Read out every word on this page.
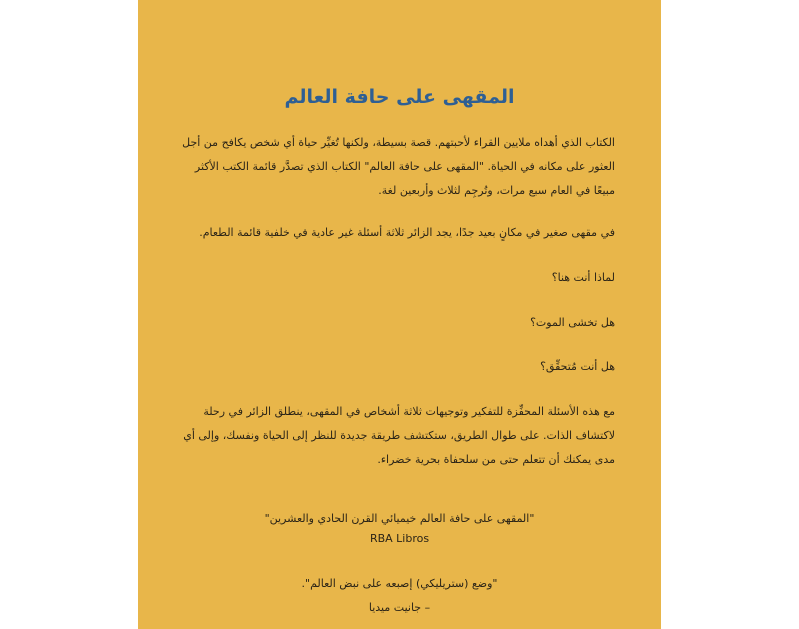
المقهى على حافة العالم

الكتاب الذي أهداه ملايين القراء لأحبتهم. قصة بسيطة، ولكنها تُغيِّر حياة أي شخص يكافح من أجل العثور على مكانه في الحياة. "المقهى على حافة العالم" الكتاب الذي تصدَّر قائمة الكتب الأكثر مبيعًا في العام سبع مرات، وتُرجِم لثلاث وأربعين لغة.

في مقهى صغير في مكانٍ بعيد جدًا، يجد الزائر ثلاثة أسئلة غير عادية في خلفية قائمة الطعام.

لماذا أنت هنا؟

هل تخشى الموت؟

هل أنت مُتحقِّق؟

مع هذه الأسئلة المحفِّزة للتفكير وتوجيهات ثلاثة أشخاص في المقهى، ينطلق الزائر في رحلة لاكتشاف الذات. على طوال الطريق، ستكتشف طريقة جديدة للنظر إلى الحياة ونفسك، وإلى أي مدى يمكنك أن تتعلم حتى من سلحفاة بحرية خضراء.

"المقهى على حافة العالم خيميائي القرن الحادي والعشرين"

RBA Libros

"وضع (ستريليكي) إصبعه على نبض العالم".

– جانيت ميديا
